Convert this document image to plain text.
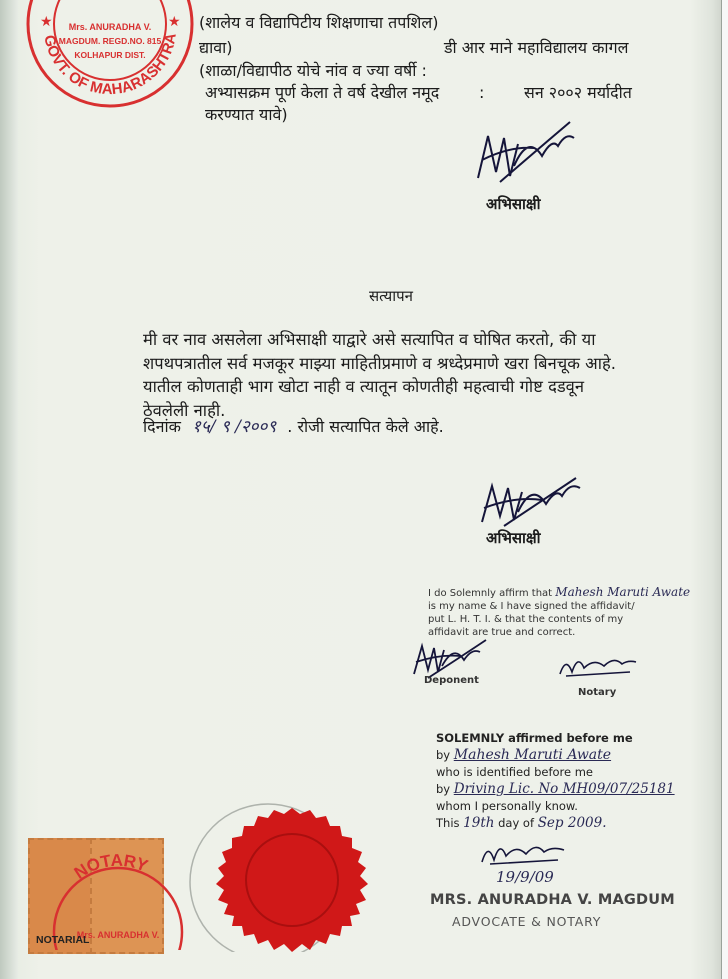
GOVT. OF MAHARASHTRA
Mrs. ANURADHA V.
MAGDUM. REGD.NO. 815
KOLHAPUR DIST.
★	★ (शालेय व विद्यापिटीय शिक्षणाचा तपशिल)

द्यावा)	डी आर माने महाविद्यालय कागल

(शाळा/विद्यापीठ योचे नांव व ज्या वर्षी :

अभ्यासक्रम पूर्ण केला ते वर्ष देखील नमूद : सन २००२ मर्यादीत

करण्यात यावे)

अभिसाक्षी

सत्यापन

मी वर नाव असलेला अभिसाक्षी याद्वारे असे सत्यापित व घोषित करतो, की या
शपथपत्रातील सर्व मजकूर माझ्या माहितीप्रमाणे व श्रध्देप्रमाणे खरा बिनचूक आहे.
यातील कोणताही भाग खोटा नाही व त्यातून कोणतीही महत्वाची गोष्ट दडवून
ठेवलेली नाही.

दिनांक १५/ ९ /२००९ . रोजी सत्यापित केले आहे.

अभिसाक्षी

I do Solemnly affirm that Mahesh Maruti Awate
is my name & I have signed the affidavit/
put L. H. T. I. & that the contents of my
affidavit are true and correct.

Deponent

Notary

SOLEMNLY affirmed before me
by Mahesh Maruti Awate
who is identified before me
by Driving Lic. No MH09/07/25181
whom I personally know.
This 19th day of Sep 2009.

19/9/09

MRS. ANURADHA V. MAGDUM

ADVOCATE & NOTARY

NOTARY
Mrs. ANURADHA V.

NOTARIAL
